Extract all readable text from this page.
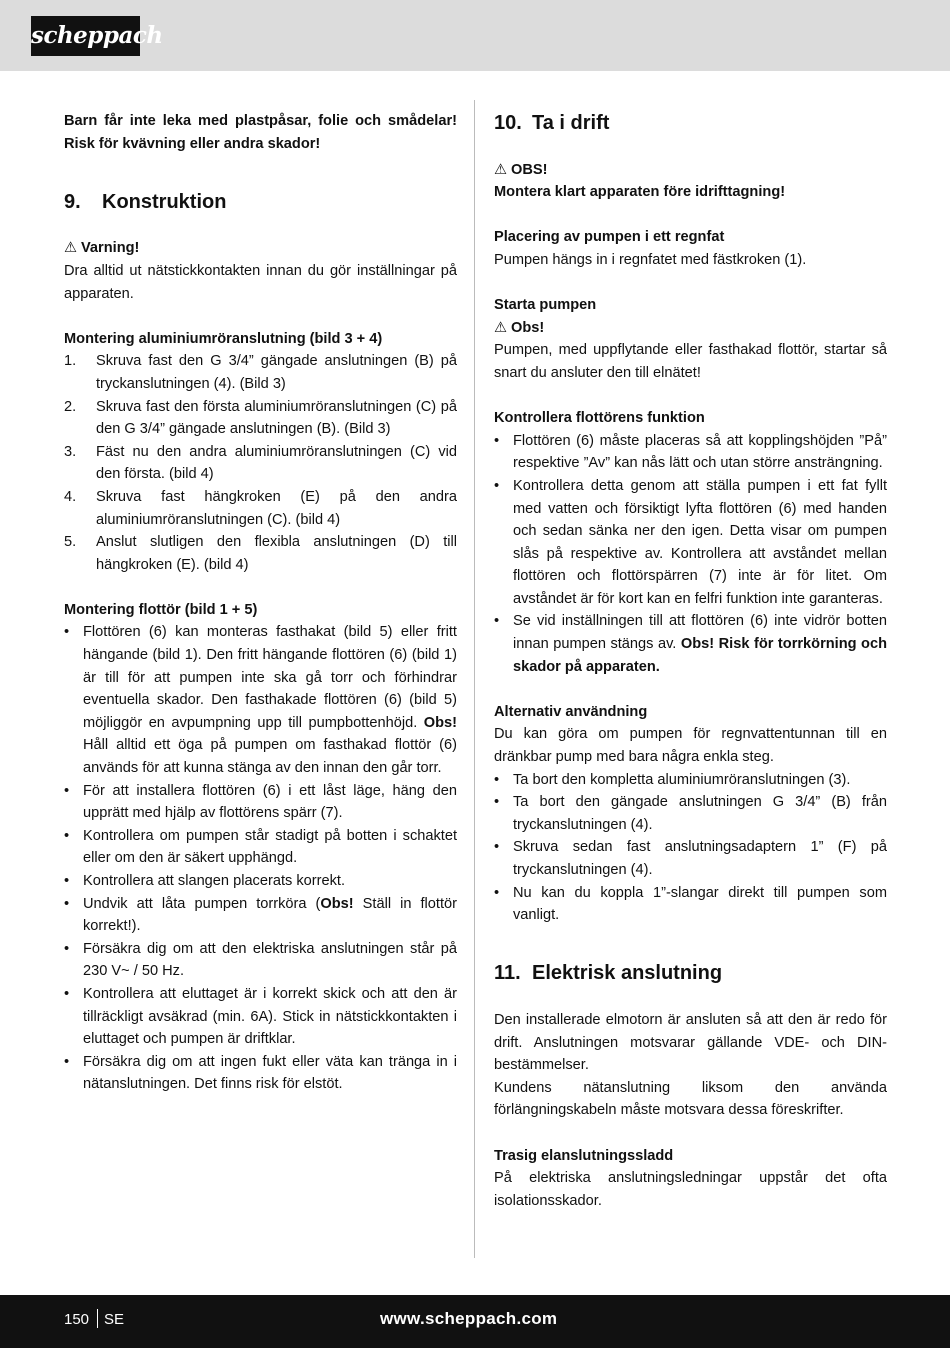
scheppach

Barn får inte leka med plastpåsar, folie och smådelar! Risk för kvävning eller andra skador!

9. Konstruktion

⚠ Varning!

Dra alltid ut nätstickkontakten innan du gör inställningar på apparaten.

Montering aluminiumröranslutning (bild 3 + 4)

1. Skruva fast den G 3/4” gängade anslutningen (B) på tryckanslutningen (4). (Bild 3)
2. Skruva fast den första aluminiumröranslutningen (C) på den G 3/4” gängade anslutningen (B). (Bild 3)
3. Fäst nu den andra aluminiumröranslutningen (C) vid den första. (bild 4)
4. Skruva fast hängkroken (E) på den andra aluminiumröranslutningen (C). (bild 4)
5. Anslut slutligen den flexibla anslutningen (D) till hängkroken (E). (bild 4)

Montering flottör (bild 1 + 5)

• Flottören (6) kan monteras fasthakat (bild 5) eller fritt hängande (bild 1). Den fritt hängande flottören (6) (bild 1) är till för att pumpen inte ska gå torr och förhindrar eventuella skador. Den fasthakade flottören (6) (bild 5) möjliggör en avpumpning upp till pumpbottenhöjd. Obs! Håll alltid ett öga på pumpen om fasthakad flottör (6) används för att kunna stänga av den innan den går torr.
• För att installera flottören (6) i ett låst läge, häng den upprätt med hjälp av flottörens spärr (7).
• Kontrollera om pumpen står stadigt på botten i schaktet eller om den är säkert upphängd.
• Kontrollera att slangen placerats korrekt.
• Undvik att låta pumpen torrköra (Obs! Ställ in flottör korrekt!).
• Försäkra dig om att den elektriska anslutningen står på 230 V~ / 50 Hz.
• Kontrollera att eluttaget är i korrekt skick och att den är tillräckligt avsäkrad (min. 6A). Stick in nätstickkontakten i eluttaget och pumpen är driftklar.
• Försäkra dig om att ingen fukt eller väta kan tränga in i nätanslutningen. Det finns risk för elstöt.
10. Ta i drift

⚠ OBS!

Montera klart apparaten före idrifttagning!

Placering av pumpen i ett regnfat

Pumpen hängs in i regnfatet med fästkroken (1).

Starta pumpen

⚠ Obs!

Pumpen, med uppflytande eller fasthakad flottör, startar så snart du ansluter den till elnätet!

Kontrollera flottörens funktion

• Flottören (6) måste placeras så att kopplingshöjden ”På” respektive ”Av” kan nås lätt och utan större ansträngning.
• Kontrollera detta genom att ställa pumpen i ett fat fyllt med vatten och försiktigt lyfta flottören (6) med handen och sedan sänka ner den igen. Detta visar om pumpen slås på respektive av. Kontrollera att avståndet mellan flottören och flottörspärren (7) inte är för litet. Om avståndet är för kort kan en felfri funktion inte garanteras.
• Se vid inställningen till att flottören (6) inte vidrör botten innan pumpen stängs av. Obs! Risk för torrkörning och skador på apparaten.

Alternativ användning

Du kan göra om pumpen för regnvattentunnan till en dränkbar pump med bara några enkla steg.

• Ta bort den kompletta aluminiumröranslutningen (3).
• Ta bort den gängade anslutningen G 3/4” (B) från tryckanslutningen (4).
• Skruva sedan fast anslutningsadaptern 1” (F) på tryckanslutningen (4).
• Nu kan du koppla 1”-slangar direkt till pumpen som vanligt.
11. Elektrisk anslutning

Den installerade elmotorn är ansluten så att den är redo för drift. Anslutningen motsvarar gällande VDE- och DIN-bestämmelser.

Kundens nätanslutning liksom den använda förlängningskabeln måste motsvara dessa föreskrifter.

Trasig elanslutningssladd

På elektriska anslutningsledningar uppstår det ofta isolationsskador.

150 SE	www.scheppach.com
